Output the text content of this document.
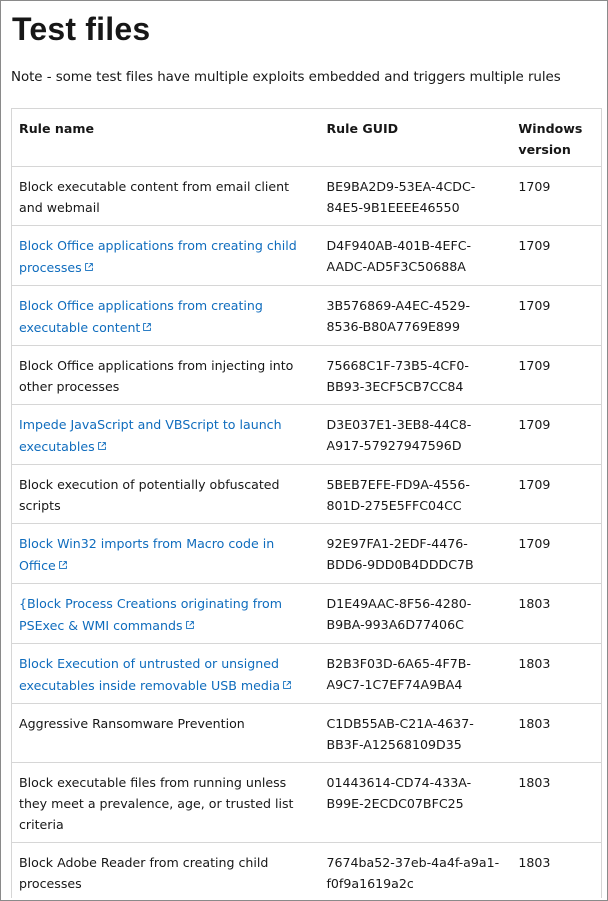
Test files
Note - some test files have multiple exploits embedded and triggers multiple rules
Rule name	Rule GUID	Windows version
Block executable content from email client and webmail	BE9BA2D9-53EA-4CDC-84E5-9B1EEEE46550	1709
Block Office applications from creating child processes	D4F940AB-401B-4EFC-AADC-AD5F3C50688A	1709
Block Office applications from creating executable content	3B576869-A4EC-4529-8536-B80A7769E899	1709
Block Office applications from injecting into other processes	75668C1F-73B5-4CF0-BB93-3ECF5CB7CC84	1709
Impede JavaScript and VBScript to launch executables	D3E037E1-3EB8-44C8-A917-57927947596D	1709
Block execution of potentially obfuscated scripts	5BEB7EFE-FD9A-4556-801D-275E5FFC04CC	1709
Block Win32 imports from Macro code in Office	92E97FA1-2EDF-4476-BDD6-9DD0B4DDDC7B	1709
{Block Process Creations originating from PSExec & WMI commands	D1E49AAC-8F56-4280-B9BA-993A6D77406C	1803
Block Execution of untrusted or unsigned executables inside removable USB media	B2B3F03D-6A65-4F7B-A9C7-1C7EF74A9BA4	1803
Aggressive Ransomware Prevention	C1DB55AB-C21A-4637-BB3F-A12568109D35	1803
Block executable files from running unless they meet a prevalence, age, or trusted list criteria	01443614-CD74-433A-B99E-2ECDC07BFC25	1803
Block Adobe Reader from creating child processes	7674ba52-37eb-4a4f-a9a1-f0f9a1619a2c	1803
